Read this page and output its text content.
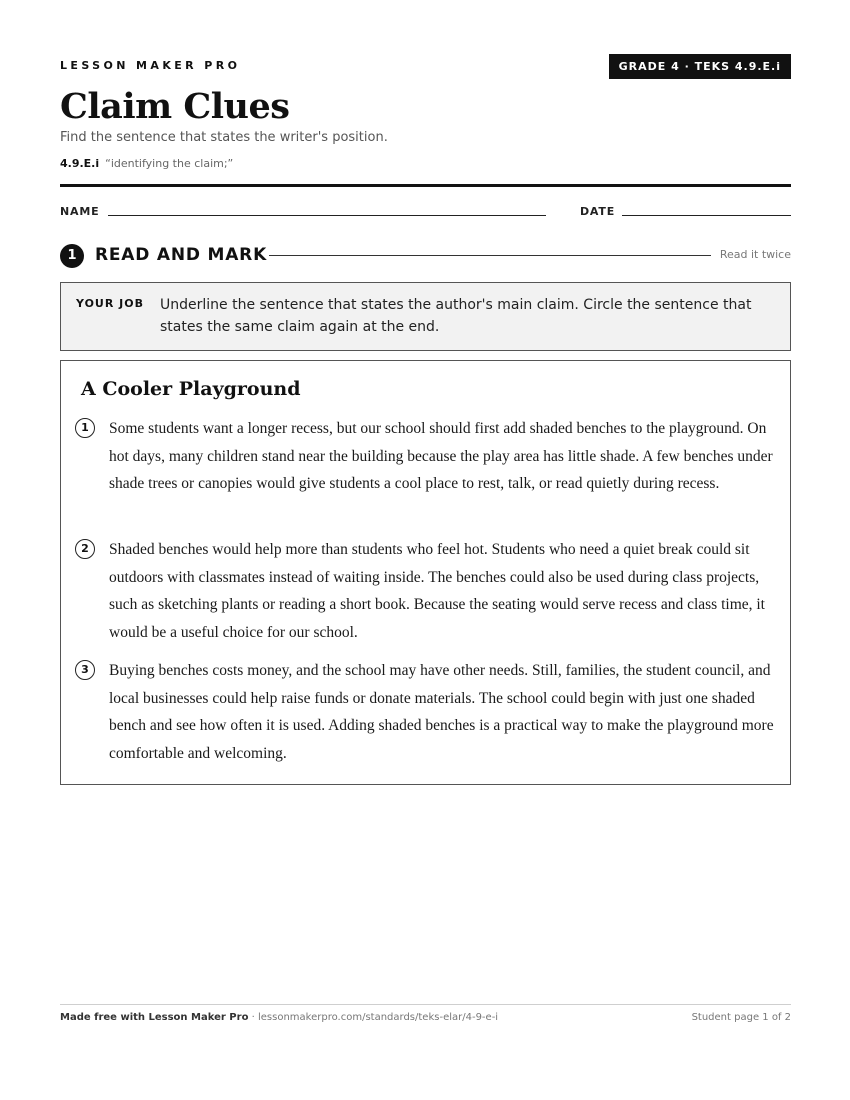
LESSON MAKER PRO	GRADE 4 · TEKS 4.9.E.i
Claim Clues
Find the sentence that states the writer's position.
4.9.E.i “identifying the claim;”
NAME	DATE
1	READ AND MARK	Read it twice
YOUR JOB Underline the sentence that states the author's main claim. Circle the sentence that states the same claim again at the end.
A Cooler Playground
1	Some students want a longer recess, but our school should first add shaded benches to the playground. On hot days, many children stand near the building because the play area has little shade. A few benches under shade trees or canopies would give students a cool place to rest, talk, or read quietly during recess.
2	Shaded benches would help more than students who feel hot. Students who need a quiet break could sit outdoors with classmates instead of waiting inside. The benches could also be used during class projects, such as sketching plants or reading a short book. Because the seating would serve recess and class time, it would be a useful choice for our school.
3	Buying benches costs money, and the school may have other needs. Still, families, the student council, and local businesses could help raise funds or donate materials. The school could begin with just one shaded bench and see how often it is used. Adding shaded benches is a practical way to make the playground more comfortable and welcoming.
Made free with Lesson Maker Pro · lessonmakerpro.com/standards/teks-elar/4-9-e-i	Student page 1 of 2
